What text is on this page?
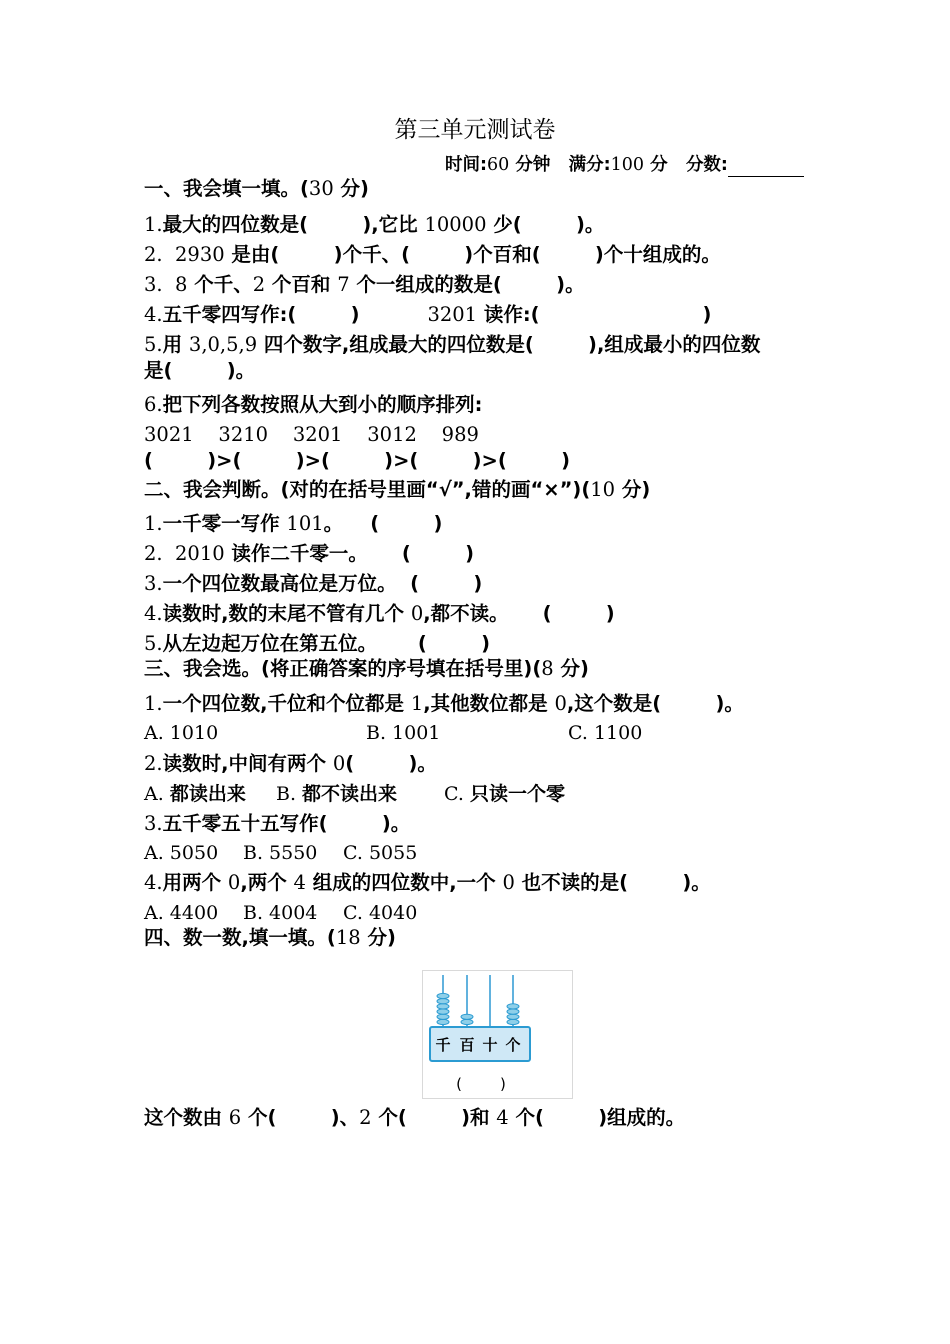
第三单元测试卷
时间:60 分钟 满分:100 分 分数:
一、我会填一填。(30 分)
1.最大的四位数是(        ),它比 10000 少(        )。
2.  2930 是由(        )个千、(        )个百和(        )个十组成的。
3.  8 个千、2 个百和 7 个一组成的数是(        )。
4.五千零四写作:(        )          3201 读作:(                        )
5.用 3,0,5,9 四个数字,组成最大的四位数是(        ),组成最小的四位数
是(        )。
6.把下列各数按照从大到小的顺序排列:
3021    3210    3201    3012    989
(        )>(        )>(        )>(        )>(        )
二、我会判断。(对的在括号里画“√”,错的画“×”)(10 分)
1.一千零一写作 101。    (        )
2.  2010 读作二千零一。     (        )
3.一个四位数最高位是万位。  (        )
4.读数时,数的末尾不管有几个 0,都不读。     (        )
5.从左边起万位在第五位。      (        )
三、我会选。(将正确答案的序号填在括号里)(8 分)
1.一个四位数,千位和个位都是 1,其他数位都是 0,这个数是(        )。
A. 1010	B. 1001	C. 1100
2.读数时,中间有两个 0(        )。
A. 都读出来 B. 都不读出来 C. 只读一个零
3.五千零五十五写作(        )。
A. 5050 B. 5550 C. 5055
4.用两个 0,两个 4 组成的四位数中,一个 0 也不读的是(        )。
A. 4400 B. 4004 C. 4040
四、数一数,填一填。(18 分)
千 百 十 个
(        )
这个数由 6 个(        )、2 个(        )和 4 个(        )组成的。
